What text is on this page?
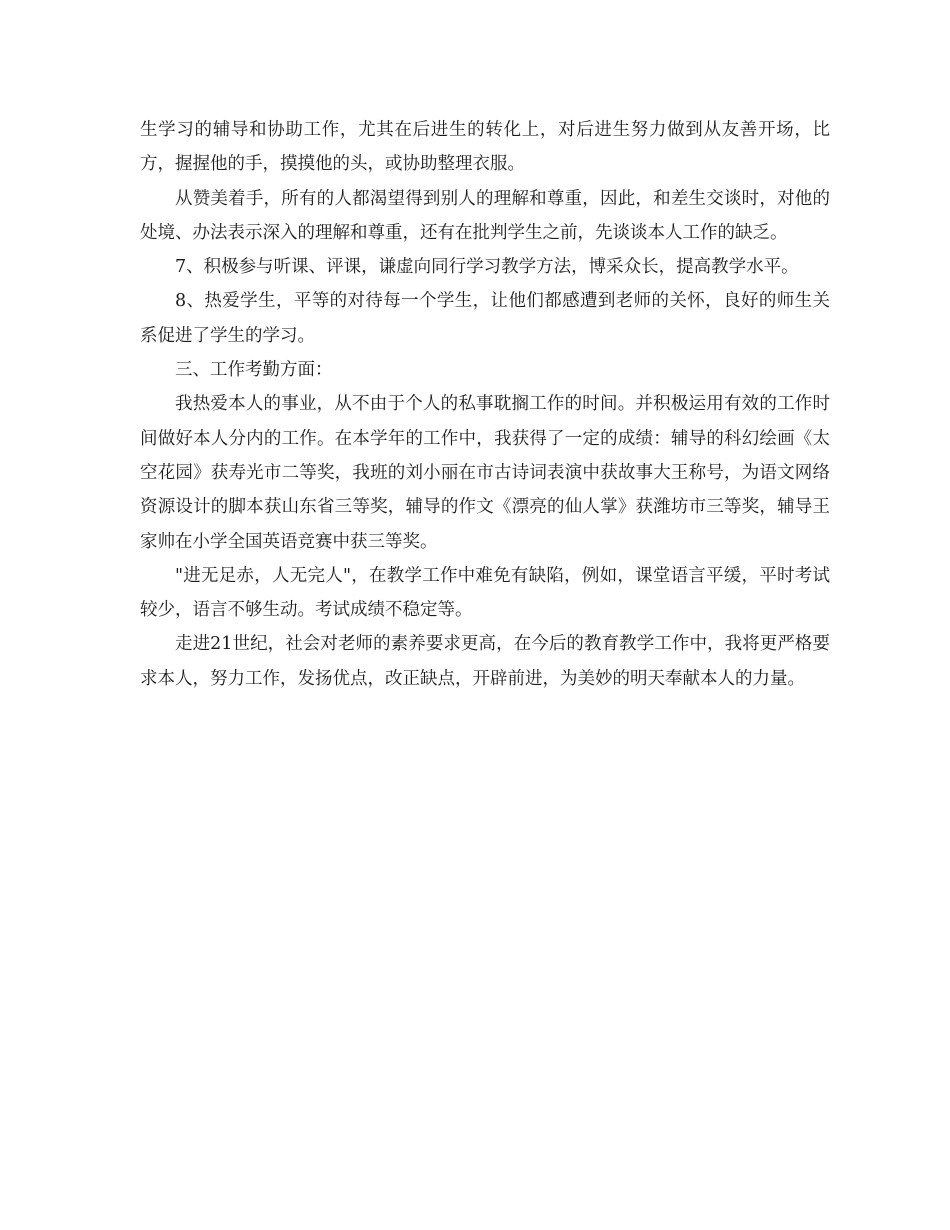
生学习的辅导和协助工作，尤其在后进生的转化上，对后进生努力做到从友善开场，比方，握握他的手，摸摸他的头，或协助整理衣服。

从赞美着手，所有的人都渴望得到别人的理解和尊重，因此，和差生交谈时，对他的处境、办法表示深入的理解和尊重，还有在批判学生之前，先谈谈本人工作的缺乏。

7、积极参与听课、评课，谦虚向同行学习教学方法，博采众长，提高教学水平。

8、热爱学生，平等的对待每一个学生，让他们都感遭到老师的关怀，良好的师生关系促进了学生的学习。

三、工作考勤方面：

我热爱本人的事业，从不由于个人的私事耽搁工作的时间。并积极运用有效的工作时间做好本人分内的工作。在本学年的工作中，我获得了一定的成绩：辅导的科幻绘画《太空花园》获寿光市二等奖，我班的刘小丽在市古诗词表演中获故事大王称号，为语文网络资源设计的脚本获山东省三等奖，辅导的作文《漂亮的仙人掌》获潍坊市三等奖，辅导王家帅在小学全国英语竞赛中获三等奖。

"进无足赤，人无完人"，在教学工作中难免有缺陷，例如，课堂语言平缓，平时考试较少，语言不够生动。考试成绩不稳定等。

走进21世纪，社会对老师的素养要求更高，在今后的教育教学工作中，我将更严格要求本人，努力工作，发扬优点，改正缺点，开辟前进，为美妙的明天奉献本人的力量。
